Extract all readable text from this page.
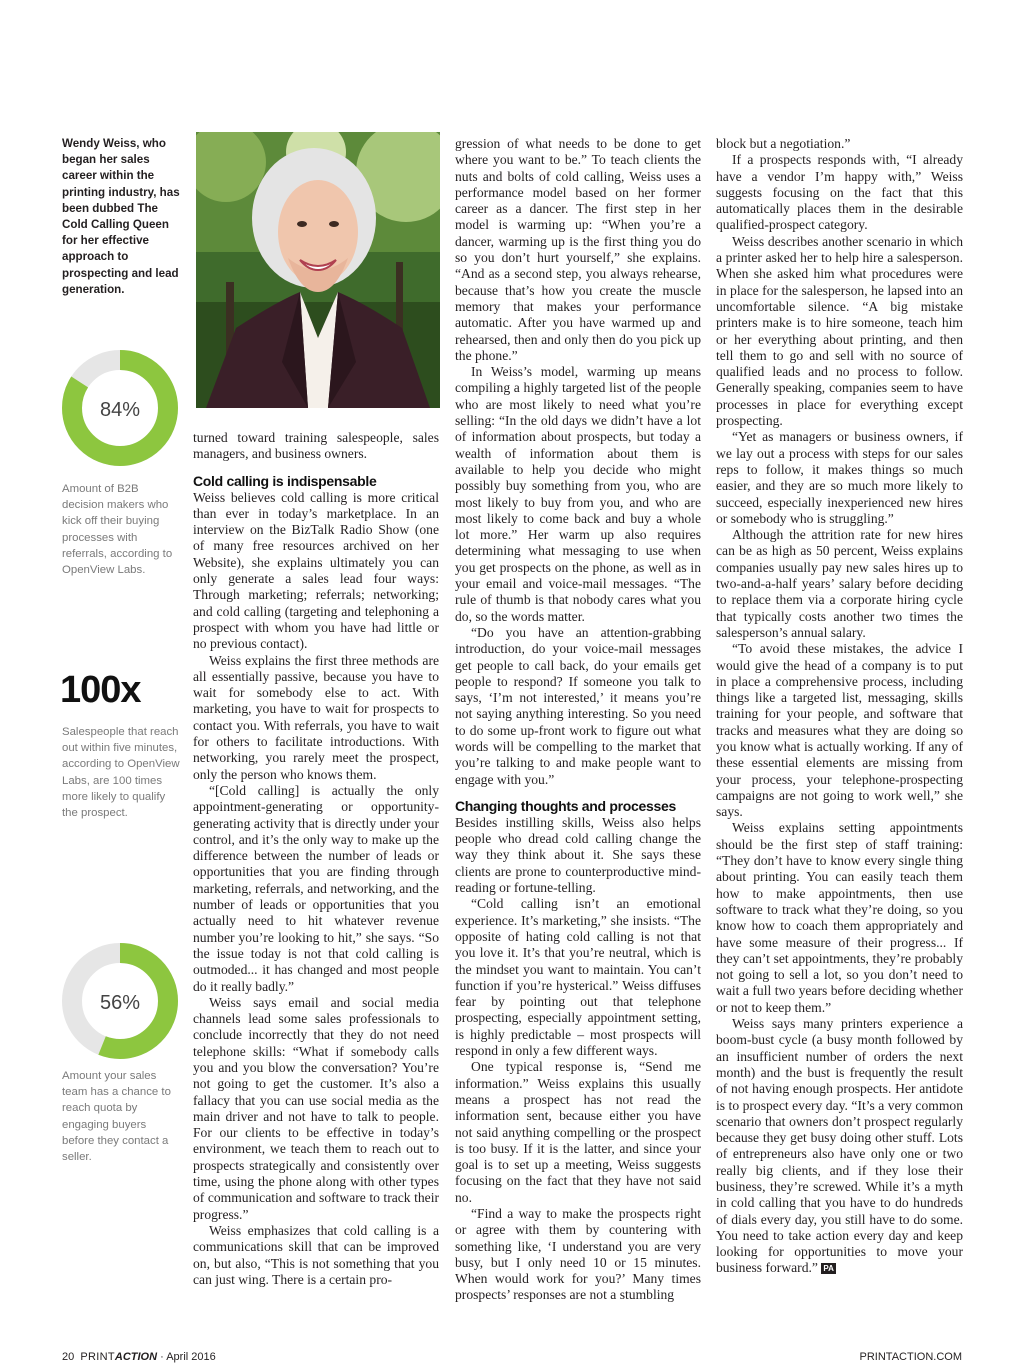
Wendy Weiss, who began her sales career within the printing industry, has been dubbed The Cold Calling Queen for her effective approach to prospecting and lead generation.
84%
Amount of B2B decision makers who kick off their buying processes with referrals, according to OpenView Labs.
100x
Salespeople that reach out within five minutes, according to OpenView Labs, are 100 times more likely to qualify the prospect.
56%
Amount your sales team has a chance to reach quota by engaging buyers before they contact a seller.

turned toward training salespeople, sales managers, and business owners.

Cold calling is indispensable

Weiss believes cold calling is more critical than ever in today’s marketplace. In an interview on the BizTalk Radio Show (one of many free resources archived on her Website), she explains ultimately you can only generate a sales lead four ways: Through marketing; referrals; networking; and cold calling (targeting and telephoning a prospect with whom you have had little or no previous contact).

Weiss explains the first three methods are all essentially passive, because you have to wait for somebody else to act. With marketing, you have to wait for prospects to contact you. With referrals, you have to wait for others to facilitate introductions. With networking, you rarely meet the prospect, only the person who knows them.

“[Cold calling] is actually the only appointment-generating or opportunity-generating activity that is directly under your control, and it’s the only way to make up the difference between the number of leads or opportunities that you are finding through marketing, referrals, and networking, and the number of leads or opportunities that you actually need to hit whatever revenue number you’re looking to hit,” she says. “So the issue today is not that cold calling is outmoded... it has changed and most people do it really badly.”

Weiss says email and social media channels lead some sales professionals to conclude incorrectly that they do not need telephone skills: “What if somebody calls you and you blow the conversation? You’re not going to get the customer. It’s also a fallacy that you can use social media as the main driver and not have to talk to people. For our clients to be effective in today’s environment, we teach them to reach out to prospects strategically and consistently over time, using the phone along with other types of communication and software to track their progress.”

Weiss emphasizes that cold calling is a communications skill that can be improved on, but also, “This is not something that you can just wing. There is a certain pro-

gression of what needs to be done to get where you want to be.” To teach clients the nuts and bolts of cold calling, Weiss uses a performance model based on her former career as a dancer. The first step in her model is warming up: “When you’re a dancer, warming up is the first thing you do so you don’t hurt yourself,” she explains. “And as a second step, you always rehearse, because that’s how you create the muscle memory that makes your performance automatic. After you have warmed up and rehearsed, then and only then do you pick up the phone.”

In Weiss’s model, warming up means compiling a highly targeted list of the people who are most likely to need what you’re selling: “In the old days we didn’t have a lot of information about prospects, but today a wealth of information about them is available to help you decide who might possibly buy something from you, who are most likely to buy from you, and who are most likely to come back and buy a whole lot more.” Her warm up also requires determining what messaging to use when you get prospects on the phone, as well as in your email and voice-mail messages. “The rule of thumb is that nobody cares what you do, so the words matter.

“Do you have an attention-grabbing introduction, do your voice-mail messages get people to call back, do your emails get people to respond? If someone you talk to says, ‘I’m not interested,’ it means you’re not saying anything interesting. So you need to do some up-front work to figure out what words will be compelling to the market that you’re talking to and make people want to engage with you.”

Changing thoughts and processes

Besides instilling skills, Weiss also helps people who dread cold calling change the way they think about it. She says these clients are prone to counterproductive mind-reading or fortune-telling.

“Cold calling isn’t an emotional experience. It’s marketing,” she insists. “The opposite of hating cold calling is not that you love it. It’s that you’re neutral, which is the mindset you want to maintain. You can’t function if you’re hysterical.” Weiss diffuses fear by pointing out that telephone prospecting, especially appointment setting, is highly predictable – most prospects will respond in only a few different ways.

One typical response is, “Send me information.” Weiss explains this usually means a prospect has not read the information sent, because either you have not said anything compelling or the prospect is too busy. If it is the latter, and since your goal is to set up a meeting, Weiss suggests focusing on the fact that they have not said no.

“Find a way to make the prospects right or agree with them by countering with something like, ‘I understand you are very busy, but I only need 10 or 15 minutes. When would work for you?’ Many times prospects’ responses are not a stumbling

block but a negotiation.”

If a prospects responds with, “I already have a vendor I’m happy with,” Weiss suggests focusing on the fact that this automatically places them in the desirable qualified-prospect category.

Weiss describes another scenario in which a printer asked her to help hire a salesperson. When she asked him what procedures were in place for the salesperson, he lapsed into an uncomfortable silence. “A big mistake printers make is to hire someone, teach him or her everything about printing, and then tell them to go and sell with no source of qualified leads and no process to follow. Generally speaking, companies seem to have processes in place for everything except prospecting.

“Yet as managers or business owners, if we lay out a process with steps for our sales reps to follow, it makes things so much easier, and they are so much more likely to succeed, especially inexperienced new hires or somebody who is struggling.”

Although the attrition rate for new hires can be as high as 50 percent, Weiss explains companies usually pay new sales hires up to two-and-a-half years’ salary before deciding to replace them via a corporate hiring cycle that typically costs another two times the salesperson’s annual salary.

“To avoid these mistakes, the advice I would give the head of a company is to put in place a comprehensive process, including things like a targeted list, messaging, skills training for your people, and software that tracks and measures what they are doing so you know what is actually working. If any of these essential elements are missing from your process, your telephone-prospecting campaigns are not going to work well,” she says.

Weiss explains setting appointments should be the first step of staff training: “They don’t have to know every single thing about printing. You can easily teach them how to make appointments, then use software to track what they’re doing, so you know how to coach them appropriately and have some measure of their progress... If they can’t set appointments, they’re probably not going to sell a lot, so you don’t need to wait a full two years before deciding whether or not to keep them.”

Weiss says many printers experience a boom-bust cycle (a busy month followed by an insufficient number of orders the next month) and the bust is frequently the result of not having enough prospects. Her antidote is to prospect every day. “It’s a very common scenario that owners don’t prospect regularly because they get busy doing other stuff. Lots of entrepreneurs also have only one or two really big clients, and if they lose their business, they’re screwed. While it’s a myth in cold calling that you have to do hundreds of dials every day, you still have to do some. You need to take action every day and keep looking for opportunities to move your business forward.” PA

20 PRINTACTION · April 2016	PRINTACTION.COM
